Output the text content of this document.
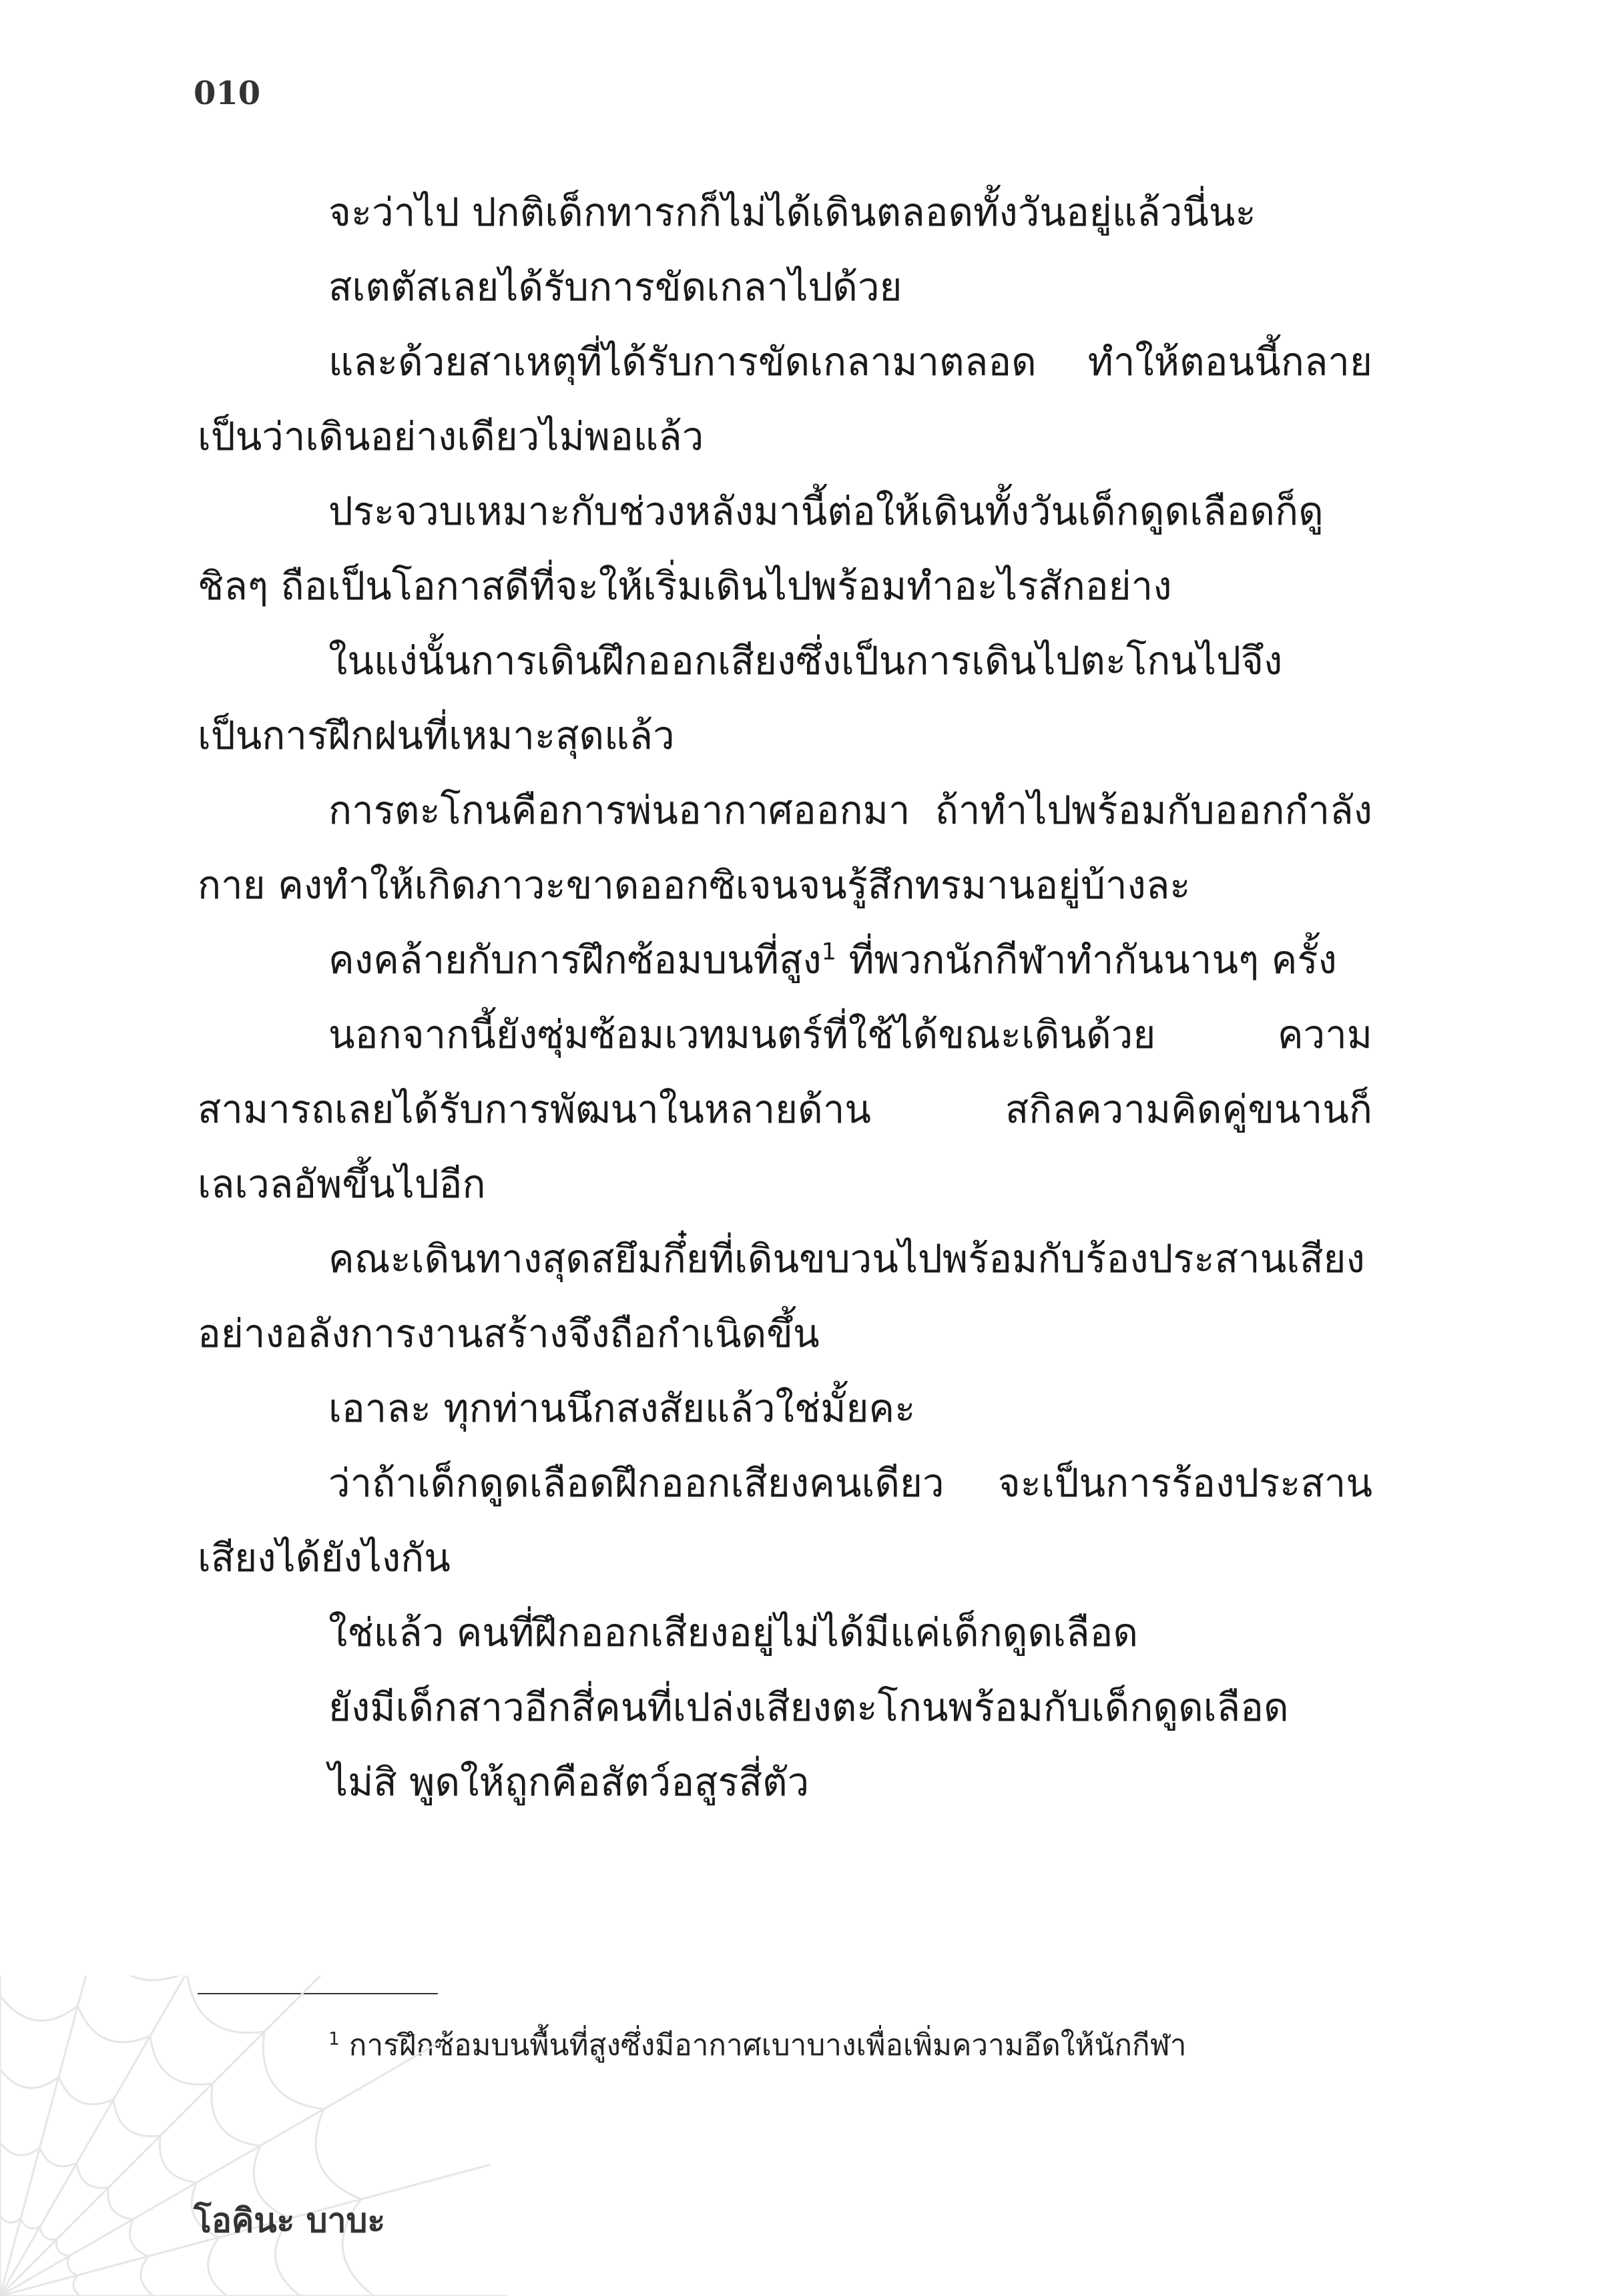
010

จะว่าไป ปกติเด็กทารกก็ไม่ได้เดินตลอดทั้งวันอยู่แล้วนี่นะ

สเตตัสเลยได้รับการขัดเกลาไปด้วย

และด้วยสาเหตุที่ได้รับการขัดเกลามาตลอด ทำให้ตอนนี้กลายเป็นว่าเดินอย่างเดียวไม่พอแล้ว

ประจวบเหมาะกับช่วงหลังมานี้ต่อให้เดินทั้งวันเด็กดูดเลือดก็ดูชิลๆ ถือเป็นโอกาสดีที่จะให้เริ่มเดินไปพร้อมทำอะไรสักอย่าง

ในแง่นั้นการเดินฝึกออกเสียงซึ่งเป็นการเดินไปตะโกนไปจึงเป็นการฝึกฝนที่เหมาะสุดแล้ว

การตะโกนคือการพ่นอากาศออกมา ถ้าทำไปพร้อมกับออกกำลังกาย คงทำให้เกิดภาวะขาดออกซิเจนจนรู้สึกทรมานอยู่บ้างละ

คงคล้ายกับการฝึกซ้อมบนที่สูง$^1$ ที่พวกนักกีฬาทำกันนานๆ ครั้ง

นอกจากนี้ยังซุ่มซ้อมเวทมนตร์ที่ใช้ได้ขณะเดินด้วย ความสามารถเลยได้รับการพัฒนาในหลายด้าน สกิลความคิดคู่ขนานก็เลเวลอัพขึ้นไปอีก

คณะเดินทางสุดสยึมกึ๋ยที่เดินขบวนไปพร้อมกับร้องประสานเสียงอย่างอลังการงานสร้างจึงถือกำเนิดขึ้น

เอาละ ทุกท่านนึกสงสัยแล้วใช่มั้ยคะ

ว่าถ้าเด็กดูดเลือดฝึกออกเสียงคนเดียว จะเป็นการร้องประสานเสียงได้ยังไงกัน

ใช่แล้ว คนที่ฝึกออกเสียงอยู่ไม่ได้มีแค่เด็กดูดเลือด

ยังมีเด็กสาวอีกสี่คนที่เปล่งเสียงตะโกนพร้อมกับเด็กดูดเลือด

ไม่สิ พูดให้ถูกคือสัตว์อสูรสี่ตัว

$^1$ การฝึกซ้อมบนพื้นที่สูงซึ่งมีอากาศเบาบางเพื่อเพิ่มความอึดให้นักกีฬา
โอคินะ บาบะ
